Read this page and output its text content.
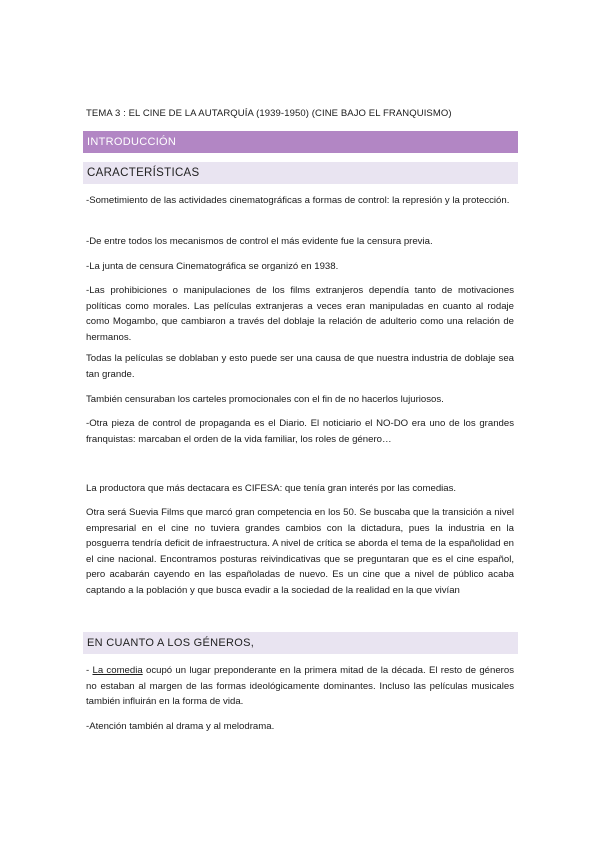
TEMA 3 : EL CINE DE LA AUTARQUÍA (1939-1950) (CINE BAJO EL FRANQUISMO)
INTRODUCCIÓN
CARACTERÍSTICAS

-Sometimiento de las actividades cinematográficas a formas de control: la represión y la protección.

-De entre todos los mecanismos de control el más evidente fue la censura previa.

-La junta de censura Cinematográfica se organizó en 1938.

-Las prohibiciones o manipulaciones de los films extranjeros dependía tanto de motivaciones políticas como morales. Las películas extranjeras a veces eran manipuladas en cuanto al rodaje como Mogambo, que cambiaron a través del doblaje la relación de adulterio como una relación de hermanos.

Todas la películas se doblaban y esto puede ser una causa de que nuestra industria de doblaje sea tan grande.

También censuraban los carteles promocionales con el fin de no hacerlos lujuriosos.

-Otra pieza de control de propaganda es el Diario. El noticiario el NO-DO era uno de los grandes franquistas: marcaban el orden de la vida familiar, los roles de género…

La productora que más dectacara es CIFESA: que tenía gran interés por las comedias.

Otra será Suevia Films que marcó gran competencia en los 50. Se buscaba que la transición a nivel empresarial en el cine no tuviera grandes cambios con la dictadura, pues la industria en la posguerra tendría deficit de infraestructura. A nivel de crítica se aborda el tema de la españolidad en el cine nacional. Encontramos posturas reivindicativas que se preguntaran que es el cine español, pero acabarán cayendo en las españoladas de nuevo. Es un cine que a nivel de público acaba captando a la población y que busca evadir a la sociedad de la realidad en la que vivían

EN CUANTO A LOS GÉNEROS,

- La comedia ocupó un lugar preponderante en la primera mitad de la década. El resto de géneros no estaban al margen de las formas ideológicamente dominantes. Incluso las películas musicales también influirán en la forma de vida.

-Atención también al drama y al melodrama.
